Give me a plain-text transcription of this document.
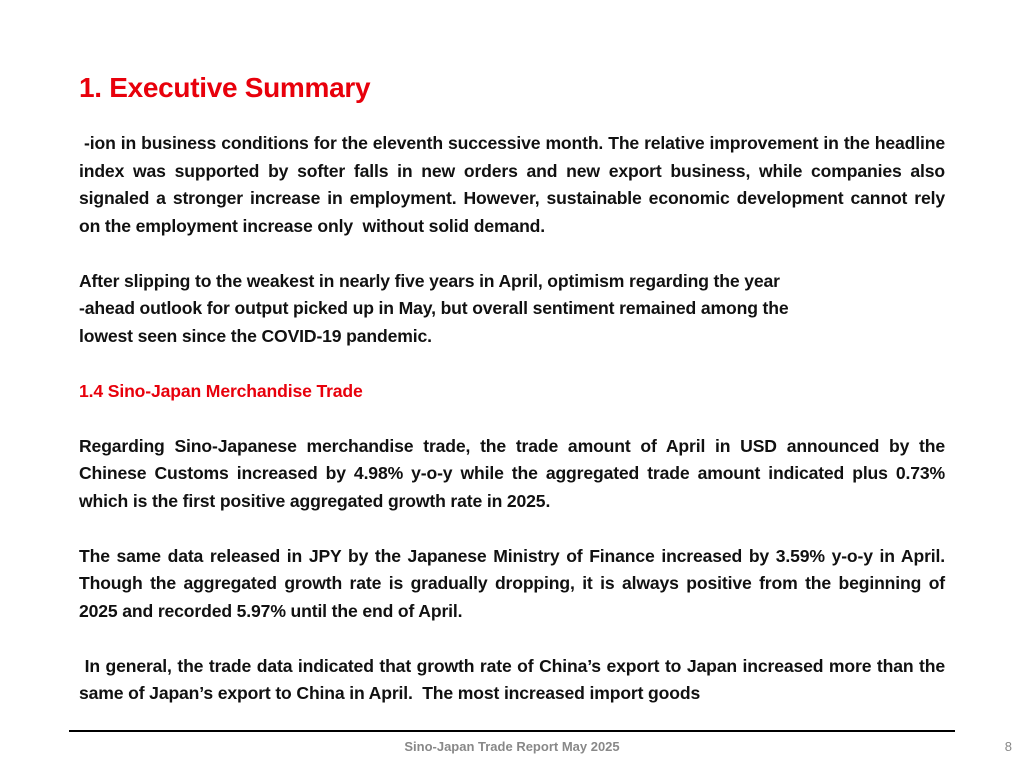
1. Executive Summary

-ion in business conditions for the eleventh successive month. The relative improvement in the headline index was supported by softer falls in new orders and new export business, while companies also signaled a stronger increase in employment. However, sustainable economic development cannot rely on the employment increase only  without solid demand.

After slipping to the weakest in nearly five years in April, optimism regarding the year

-ahead outlook for output picked up in May, but overall sentiment remained among the

lowest seen since the COVID-19 pandemic.

1.4 Sino-Japan Merchandise Trade

Regarding Sino-Japanese merchandise trade, the trade amount of April in USD announced by the Chinese Customs increased by 4.98% y-o-y while the aggregated trade amount indicated plus 0.73% which is the first positive aggregated growth rate in 2025.

The same data released in JPY by the Japanese Ministry of Finance increased by 3.59% y-o-y in April. Though the aggregated growth rate is gradually dropping, it is always positive from the beginning of 2025 and recorded 5.97% until the end of April.

In general, the trade data indicated that growth rate of China’s export to Japan increased more than the same of Japan’s export to China in April.  The most increased import goods

Sino-Japan Trade Report May 2025	8
